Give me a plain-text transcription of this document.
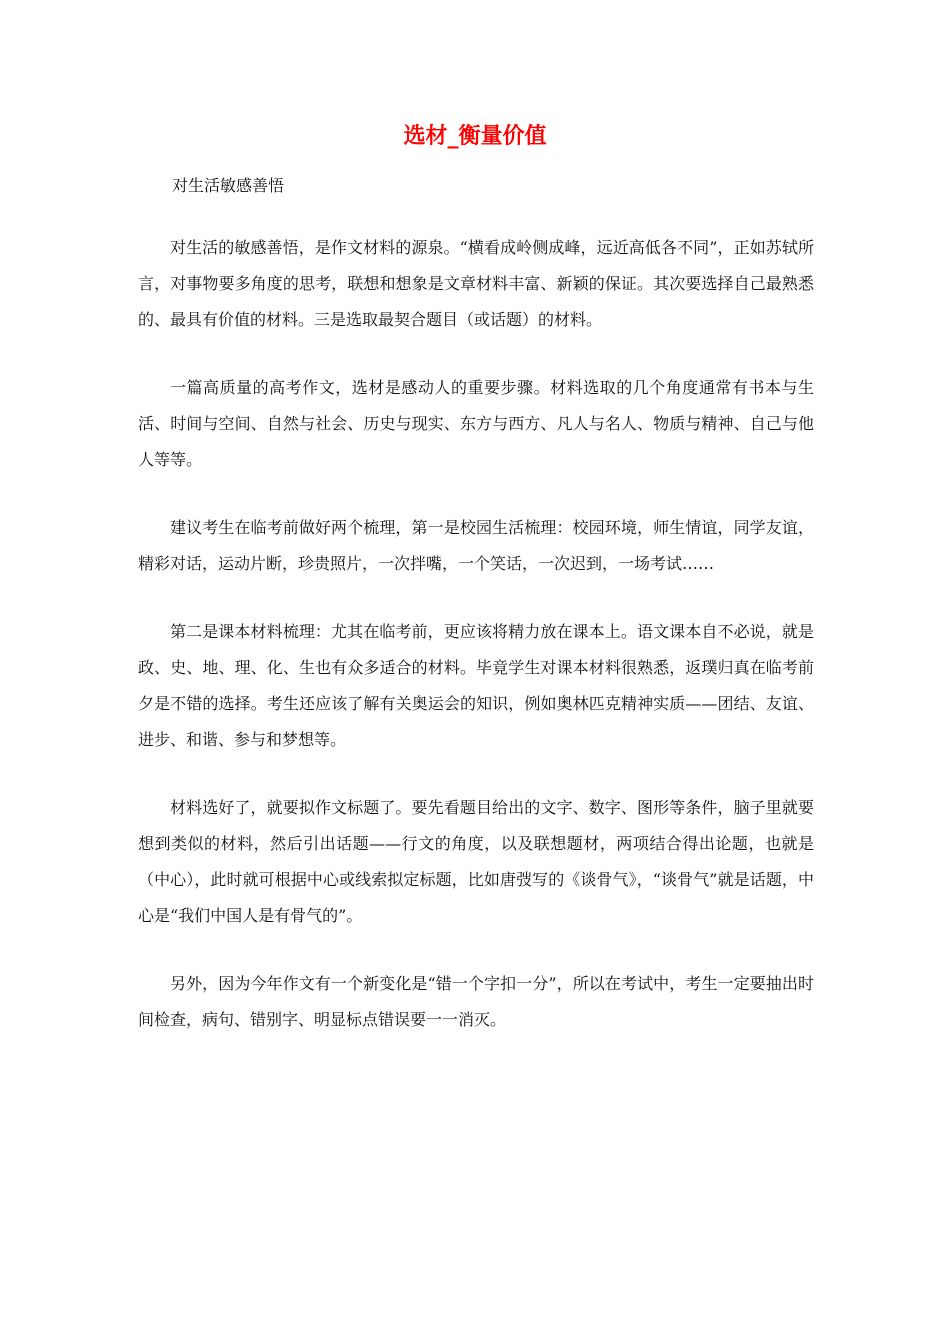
选材_衡量价值

对生活敏感善悟

对生活的敏感善悟，是作文材料的源泉。“横看成岭侧成峰，远近高低各不同”，正如苏轼所言，对事物要多角度的思考，联想和想象是文章材料丰富、新颖的保证。其次要选择自己最熟悉的、最具有价值的材料。三是选取最契合题目（或话题）的材料。

一篇高质量的高考作文，选材是感动人的重要步骤。材料选取的几个角度通常有书本与生活、时间与空间、自然与社会、历史与现实、东方与西方、凡人与名人、物质与精神、自己与他人等等。

建议考生在临考前做好两个梳理，第一是校园生活梳理：校园环境，师生情谊，同学友谊，精彩对话，运动片断，珍贵照片，一次拌嘴，一个笑话，一次迟到，一场考试……

第二是课本材料梳理：尤其在临考前，更应该将精力放在课本上。语文课本自不必说，就是政、史、地、理、化、生也有众多适合的材料。毕竟学生对课本材料很熟悉，返璞归真在临考前夕是不错的选择。考生还应该了解有关奥运会的知识，例如奥林匹克精神实质——团结、友谊、进步、和谐、参与和梦想等。

材料选好了，就要拟作文标题了。要先看题目给出的文字、数字、图形等条件，脑子里就要想到类似的材料，然后引出话题——行文的角度，以及联想题材，两项结合得出论题，也就是（中心），此时就可根据中心或线索拟定标题，比如唐弢写的《谈骨气》，“谈骨气”就是话题，中心是“我们中国人是有骨气的”。

另外，因为今年作文有一个新变化是“错一个字扣一分”，所以在考试中，考生一定要抽出时间检查，病句、错别字、明显标点错误要一一消灭。
